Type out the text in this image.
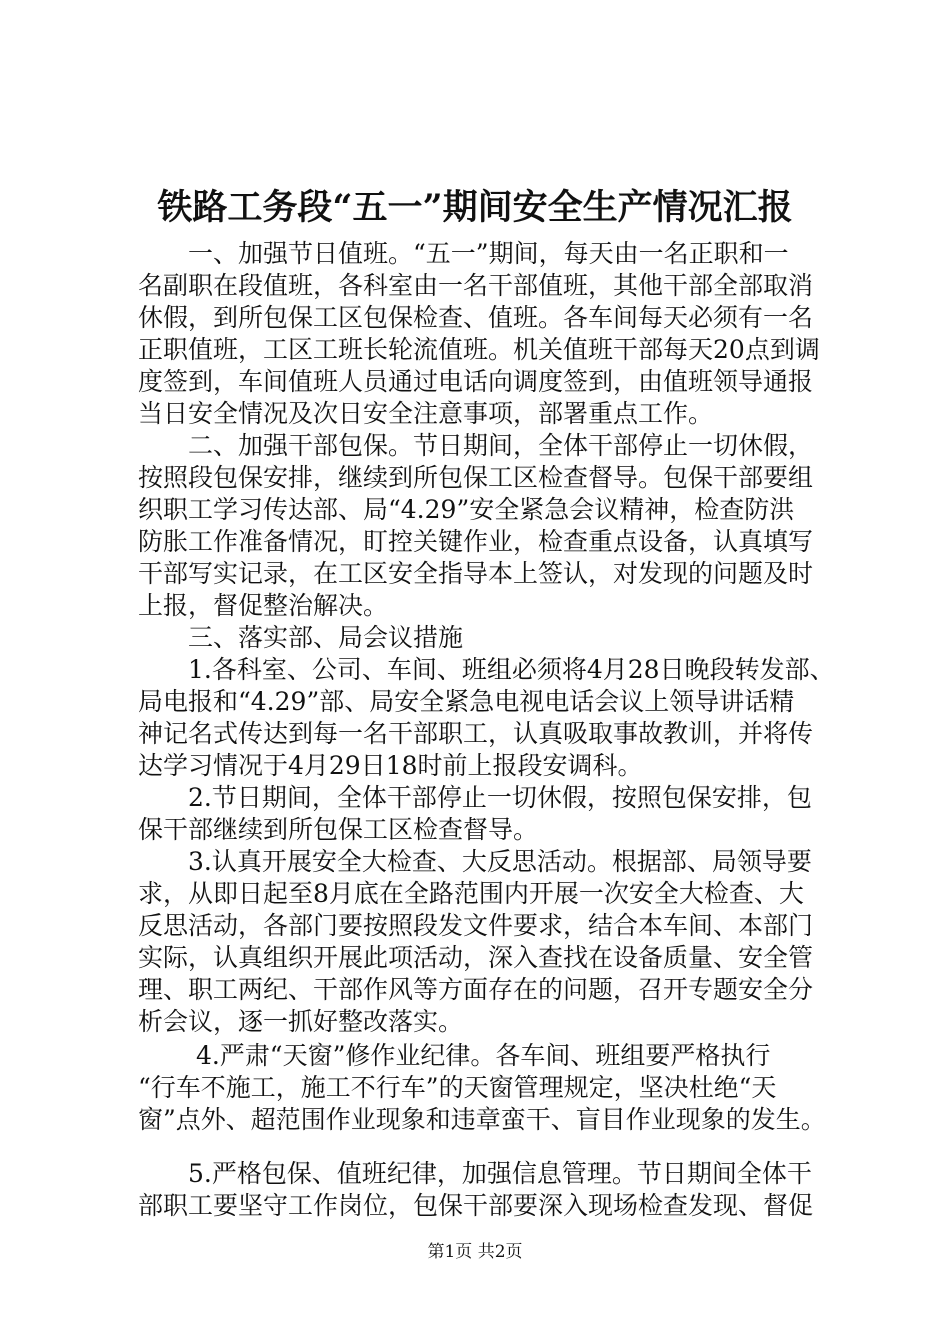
铁路工务段“五一”期间安全生产情况汇报
　　一、加强节日值班。“五一”期间，每天由一名正职和一
名副职在段值班，各科室由一名干部值班，其他干部全部取消
休假，到所包保工区包保检查、值班。各车间每天必须有一名
正职值班，工区工班长轮流值班。机关值班干部每天20点到调
度签到，车间值班人员通过电话向调度签到，由值班领导通报
当日安全情况及次日安全注意事项，部署重点工作。
　　二、加强干部包保。节日期间，全体干部停止一切休假，
按照段包保安排，继续到所包保工区检查督导。包保干部要组
织职工学习传达部、局“4.29”安全紧急会议精神，检查防洪
防胀工作准备情况，盯控关键作业，检查重点设备，认真填写
干部写实记录，在工区安全指导本上签认，对发现的问题及时
上报，督促整治解决。
　　三、落实部、局会议措施
　　1.各科室、公司、车间、班组必须将4月28日晚段转发部、
局电报和“4.29”部、局安全紧急电视电话会议上领导讲话精
神记名式传达到每一名干部职工，认真吸取事故教训，并将传
达学习情况于4月29日18时前上报段安调科。
　　2.节日期间，全体干部停止一切休假，按照包保安排，包
保干部继续到所包保工区检查督导。
　　3.认真开展安全大检查、大反思活动。根据部、局领导要
求，从即日起至8月底在全路范围内开展一次安全大检查、大
反思活动，各部门要按照段发文件要求，结合本车间、本部门
实际，认真组织开展此项活动，深入查找在设备质量、安全管
理、职工两纪、干部作风等方面存在的问题，召开专题安全分
析会议，逐一抓好整改落实。
　　 4.严肃“天窗”修作业纪律。各车间、班组要严格执行
“行车不施工，施工不行车”的天窗管理规定，坚决杜绝“天
窗”点外、超范围作业现象和违章蛮干、盲目作业现象的发生。
　　5.严格包保、值班纪律，加强信息管理。节日期间全体干
部职工要坚守工作岗位，包保干部要深入现场检查发现、督促
第1页 共2页
